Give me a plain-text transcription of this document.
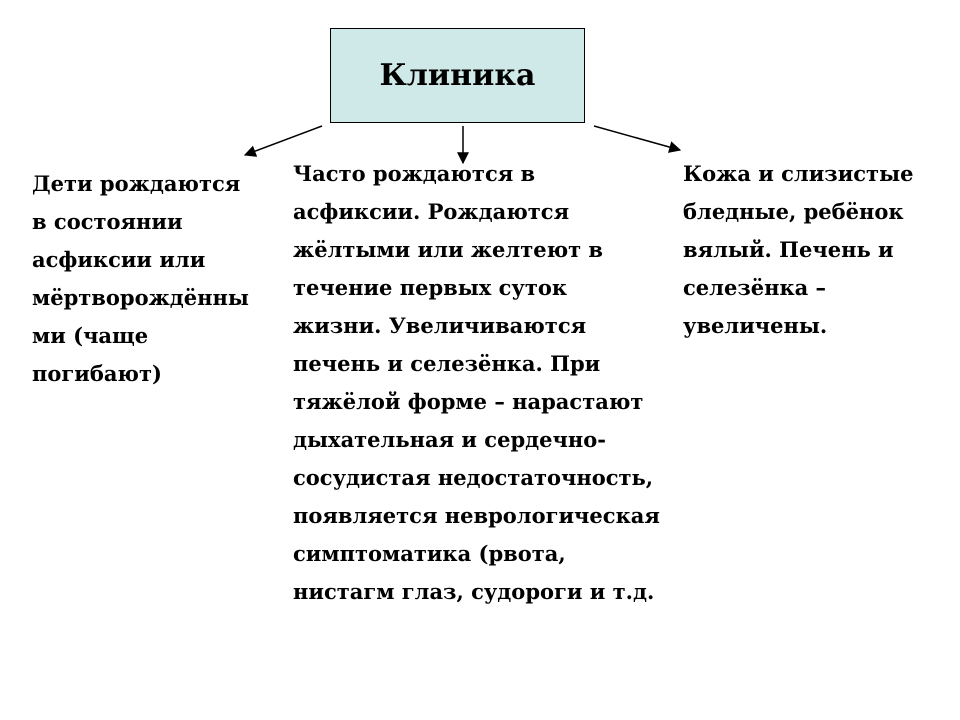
Клиника
Дети рождаются
в состоянии
асфиксии или
мёртворождённы
ми (чаще
погибают)
Часто рождаются в
асфиксии. Рождаются
жёлтыми или желтеют в
течение первых суток
жизни. Увеличиваются
печень и селезёнка. При
тяжёлой форме – нарастают
дыхательная и сердечно-
сосудистая недостаточность,
появляется неврологическая
симптоматика (рвота,
нистагм глаз, судороги и т.д.
Кожа и слизистые
бледные, ребёнок
вялый. Печень и
селезёнка –
увеличены.
